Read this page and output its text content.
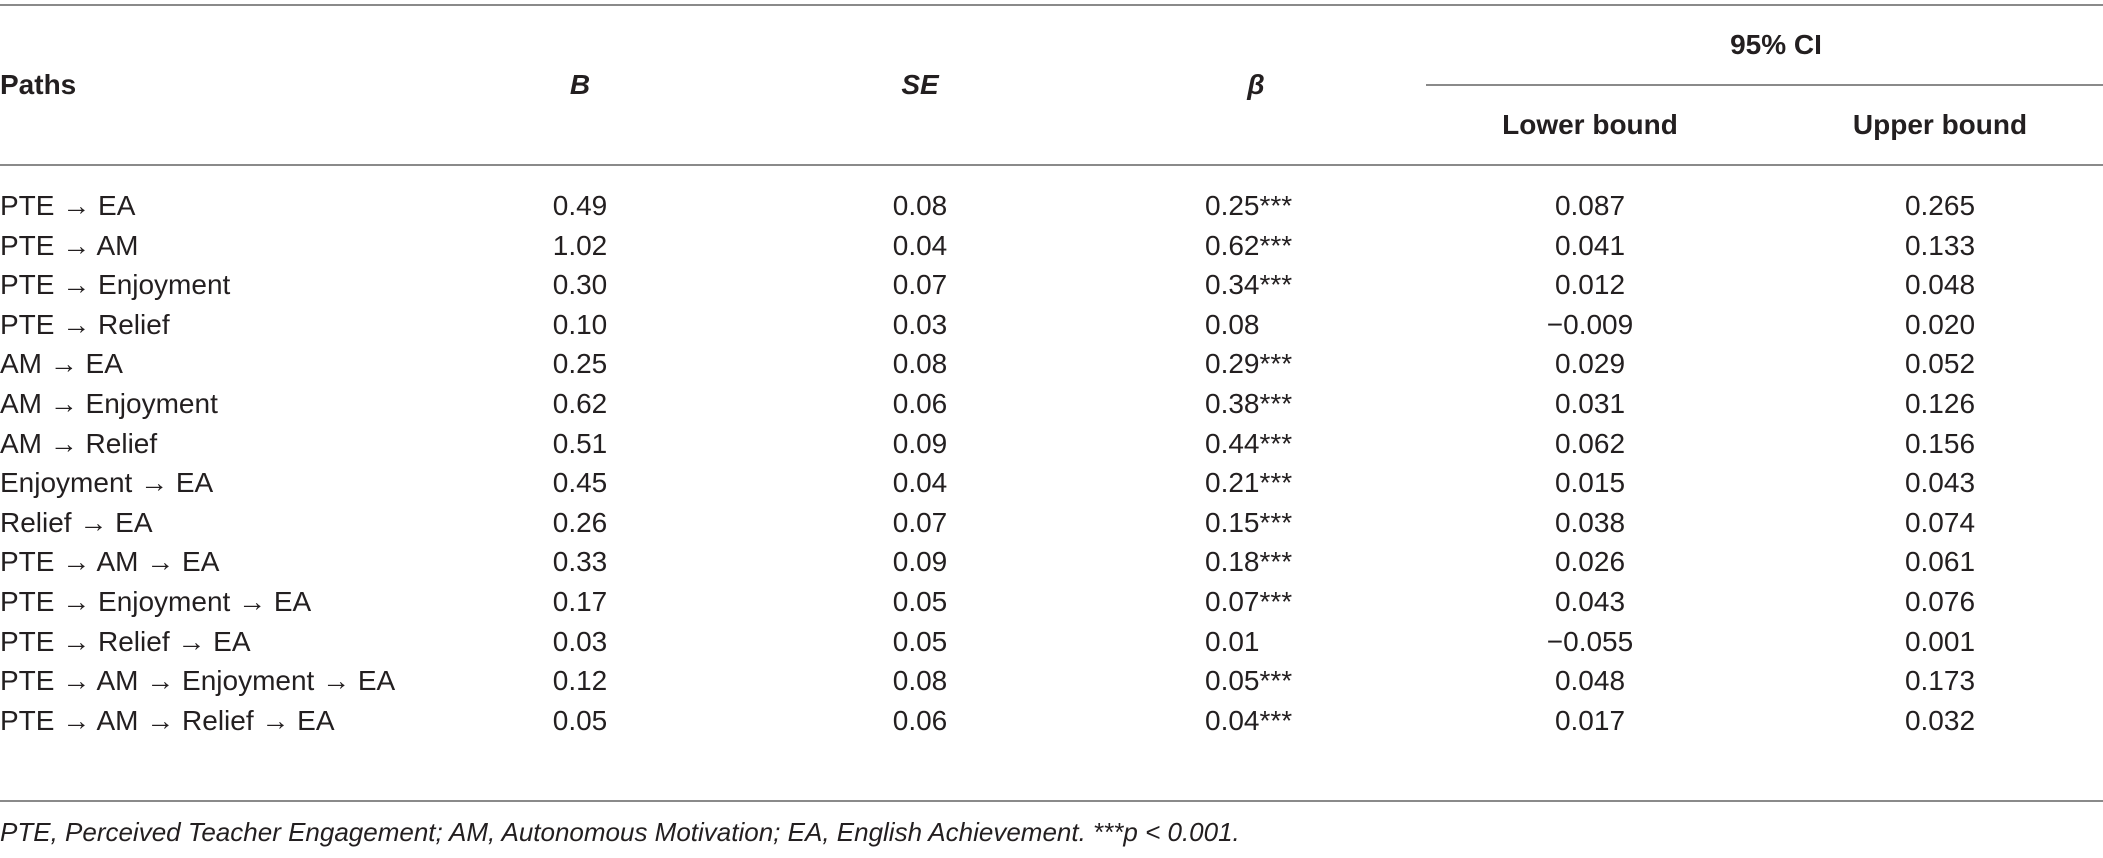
Paths	B	SE	β
95% CI
Lower bound	Upper bound
PTE → EA	0.49	0.08	0.25***	0.087	0.265
PTE → AM	1.02	0.04	0.62***	0.041	0.133
PTE → Enjoyment	0.30	0.07	0.34***	0.012	0.048
PTE → Relief	0.10	0.03	0.08	−0.009	0.020
AM → EA	0.25	0.08	0.29***	0.029	0.052
AM → Enjoyment	0.62	0.06	0.38***	0.031	0.126
AM → Relief	0.51	0.09	0.44***	0.062	0.156
Enjoyment → EA	0.45	0.04	0.21***	0.015	0.043
Relief → EA	0.26	0.07	0.15***	0.038	0.074
PTE → AM → EA	0.33	0.09	0.18***	0.026	0.061
PTE → Enjoyment → EA	0.17	0.05	0.07***	0.043	0.076
PTE → Relief → EA	0.03	0.05	0.01	−0.055	0.001
PTE → AM → Enjoyment → EA	0.12	0.08	0.05***	0.048	0.173
PTE → AM → Relief → EA	0.05	0.06	0.04***	0.017	0.032
PTE, Perceived Teacher Engagement; AM, Autonomous Motivation; EA, English Achievement. ***p < 0.001.
